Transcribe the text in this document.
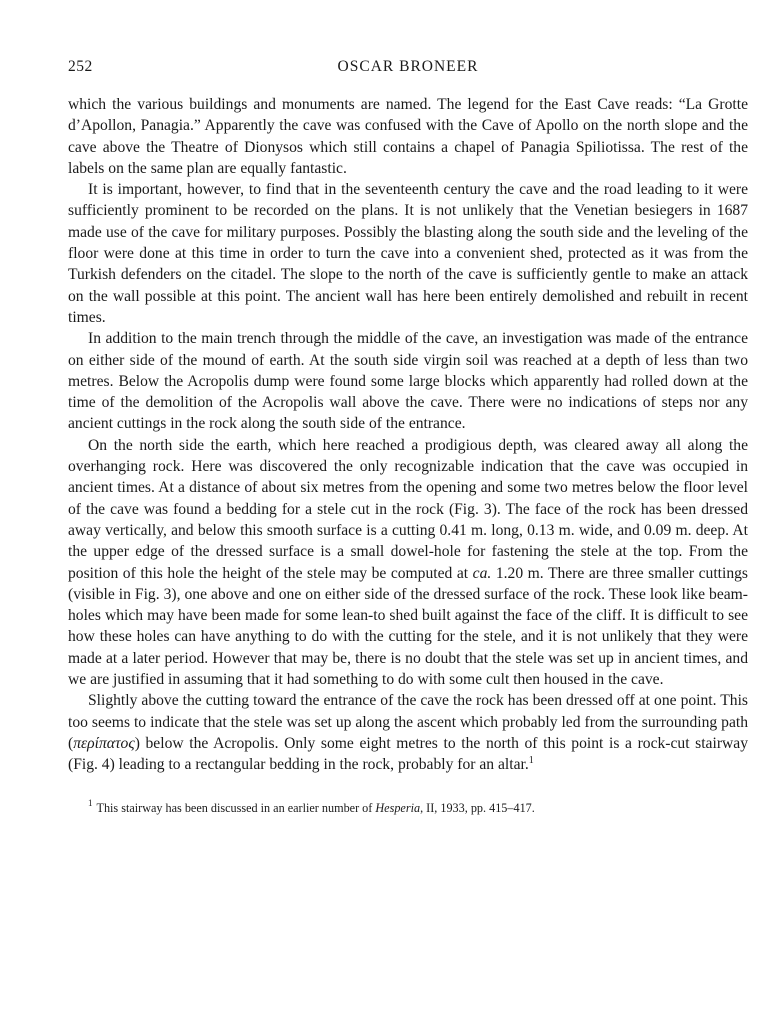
252	OSCAR BRONEER

which the various buildings and monuments are named. The legend for the East Cave reads: “La Grotte d’Apollon, Panagia.” Apparently the cave was confused with the Cave of Apollo on the north slope and the cave above the Theatre of Dionysos which still contains a chapel of Panagia Spiliotissa. The rest of the labels on the same plan are equally fantastic.

It is important, however, to find that in the seventeenth century the cave and the road leading to it were sufficiently prominent to be recorded on the plans. It is not unlikely that the Venetian besiegers in 1687 made use of the cave for military purposes. Possibly the blasting along the south side and the leveling of the floor were done at this time in order to turn the cave into a convenient shed, protected as it was from the Turkish defenders on the citadel. The slope to the north of the cave is sufficiently gentle to make an attack on the wall possible at this point. The ancient wall has here been entirely demolished and rebuilt in recent times.

In addition to the main trench through the middle of the cave, an investigation was made of the entrance on either side of the mound of earth. At the south side virgin soil was reached at a depth of less than two metres. Below the Acropolis dump were found some large blocks which apparently had rolled down at the time of the demolition of the Acropolis wall above the cave. There were no indications of steps nor any ancient cuttings in the rock along the south side of the entrance.

On the north side the earth, which here reached a prodigious depth, was cleared away all along the overhanging rock. Here was discovered the only recognizable indication that the cave was occupied in ancient times. At a distance of about six metres from the opening and some two metres below the floor level of the cave was found a bedding for a stele cut in the rock (Fig. 3). The face of the rock has been dressed away vertically, and below this smooth surface is a cutting 0.41 m. long, 0.13 m. wide, and 0.09 m. deep. At the upper edge of the dressed surface is a small dowel-hole for fastening the stele at the top. From the position of this hole the height of the stele may be computed at ca. 1.20 m. There are three smaller cuttings (visible in Fig. 3), one above and one on either side of the dressed surface of the rock. These look like beam-holes which may have been made for some lean-to shed built against the face of the cliff. It is difficult to see how these holes can have anything to do with the cutting for the stele, and it is not unlikely that they were made at a later period. However that may be, there is no doubt that the stele was set up in ancient times, and we are justified in assuming that it had something to do with some cult then housed in the cave.

Slightly above the cutting toward the entrance of the cave the rock has been dressed off at one point. This too seems to indicate that the stele was set up along the ascent which probably led from the surrounding path (περίπατος) below the Acropolis. Only some eight metres to the north of this point is a rock-cut stairway (Fig. 4) leading to a rectangular bedding in the rock, probably for an altar.$^1$

$^1$ This stairway has been discussed in an earlier number of Hesperia, II, 1933, pp. 415–417.
